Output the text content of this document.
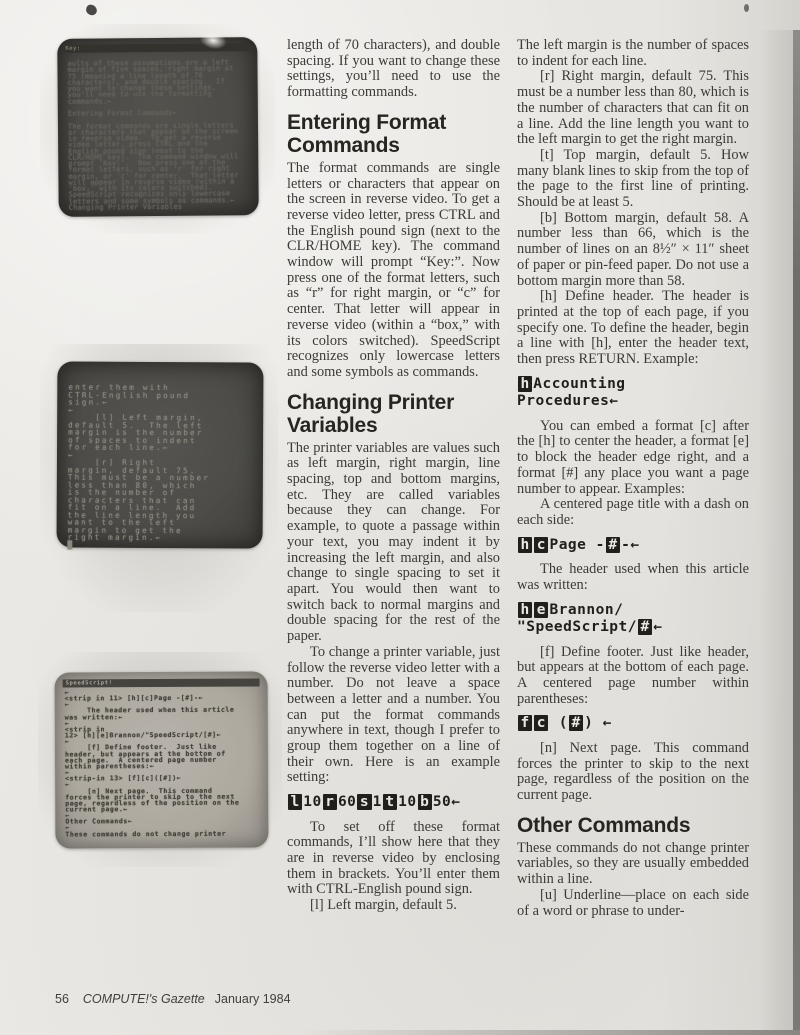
Key:
aults of these assumptions are a left
margin of five spaces, right margin at
75 (meaning a line length of 70
characters), and double spacing.  If
you want to change these settings,
you'll need to use the formatting
commands.←

Entering Format Commands←

The format commands are single letters
or characters that appear on the screen
in reverse video.  To get a reverse
video letter, press CTRL and the
English pound sign (next to the
CLR/HOME key).  The command window will
prompt 'Key:'.  Now press one of the
format letters, such as 'r' for right
margin, or 'c' for center.  That letter
will appear in reverse video (within a
'box,' with its colors switched).
SpeedScript recognizes only lowercase
letters and some symbols as commands.←
Changing Printer Variables
enter them with
CTRL-English pound
sign.←
←
[l] Left margin,
default 5.  The left
margin is the number
of spaces to indent
for each line.←
←
[r] Right
margin, default 75.
This must be a number
less than 80, which
is the number of
characters that can
fit on a line.  Add
the line length you
want to the left
margin to get the
right margin.←
█
SpeedScript!
←
<strip in 11> [h][c]Page -[#]-←
←
The header used when this article
was written:←
←
<strip in
12> [h][e]Brannon/"SpeedScript/[#]←
←
[f] Define footer.  Just like
header, but appears at the bottom of
each page.  A centered page number
within parentheses:←
←
<strip-in 13> [f][c]([#])←
←
[n] Next page.  This command
forces the printer to skip to the next
page, regardless of the position on the
current page.←
←
Other Commands←
←
These commands do not change printer

length of 70 characters), and double spacing. If you want to change these settings, you’ll need to use the formatting commands.

Entering Format Commands

The format commands are single letters or characters that appear on the screen in reverse video. To get a reverse video letter, press CTRL and the English pound sign (next to the CLR/HOME key). The command window will prompt “Key:”. Now press one of the format letters, such as “r” for right margin, or “c” for center. That letter will appear in reverse video (within a “box,” with its colors switched). SpeedScript recognizes only lowercase letters and some symbols as commands.

Changing Printer Variables

The printer variables are values such as left margin, right margin, line spacing, top and bottom margins, etc. They are called variables because they can change. For example, to quote a passage within your text, you may indent it by increasing the left margin, and also change to single spacing to set it apart. You would then want to switch back to normal margins and double spacing for the rest of the paper.

To change a printer variable, just follow the reverse video letter with a number. Do not leave a space between a letter and a number. You can put the format commands anywhere in text, though I prefer to group them together on a line of their own. Here is an example setting:

l 10 r 60 s 1 t 10 b 50←

To set off these format commands, I’ll show here that they are in reverse video by enclosing them in brackets. You’ll enter them with CTRL-English pound sign.

[l] Left margin, default 5.

The left margin is the number of spaces to indent for each line.

[r] Right margin, default 75. This must be a number less than 80, which is the number of characters that can fit on a line. Add the line length you want to the left margin to get the right margin.

[t] Top margin, default 5. How many blank lines to skip from the top of the page to the first line of printing. Should be at least 5.

[b] Bottom margin, default 58. A number less than 66, which is the number of lines on an 8½″ × 11″ sheet of paper or pin-feed paper. Do not use a bottom margin more than 58.

[h] Define header. The header is printed at the top of each page, if you specify one. To define the header, begin a line with [h], enter the header text, then press RETURN. Example:

h Accounting
Procedures←

You can embed a format [c] after the [h] to center the header, a format [e] to block the header edge right, and a format [#] any place you want a page number to appear. Examples:

A centered page title with a dash on each side:

h c Page - # -←

The header used when this article was written:

h e Brannon/
"SpeedScript/ # ←

[f] Define footer. Just like header, but appears at the bottom of each page. A centered page number within parentheses:

f c ( # ) ←

[n] Next page. This command forces the printer to skip to the next page, regardless of the position on the current page.

Other Commands

These commands do not change printer variables, so they are usually embedded within a line.

[u] Underline—place on each side of a word or phrase to under-

56 COMPUTE!'s Gazette January 1984
